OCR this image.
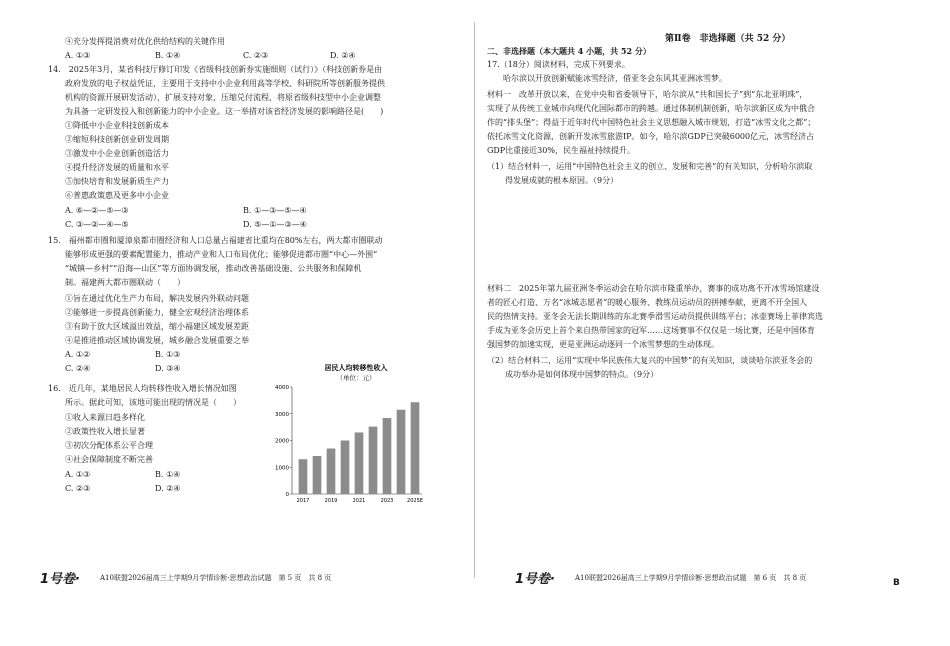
④充分发挥提消费对优化供给结构的关键作用
A. ①③	B. ①④	C. ②③	D. ②④
14.　2025年3月，某省科技厅修订印发《省级科技创新券实施细则（试行）》（科技创新券是由
政府发放的电子权益凭证，主要用于支持中小企业利用高等学校、科研院所等创新服务提供
机构的资源开展研发活动），扩展支持对象，压缩兑付流程，将原省级科技型中小企业调整
为具备一定研发投入和创新能力的中小企业。这一举措对该省经济发展的影响路径是(　　)
①降低中小企业科技创新成本
②缩短科技创新创业研发周期
③激发中小企业创新创造活力
④提升经济发展的质量和水平
⑤加快培育和发展新质生产力
⑥普惠政策惠及更多中小企业
A. ⑥—②—⑤—③	B. ①—③—⑤—④
C. ③—②—④—⑤	D. ⑤—①—③—④
15.　福州都市圈和厦漳泉都市圈经济和人口总量占福建省比重均在80%左右，两大都市圈联动
能够形成更强的要素配置能力，推动产业和人口布局优化；能够促进都市圈“中心—外围”
“城镇—乡村”“沿海—山区”等方面协调发展，推动改善基础设施、公共服务和保障机
制。福建两大都市圈联动（　　）
①旨在通过优化生产力布局，解决发展内外联动问题
②能够进一步提高创新能力，健全宏观经济治理体系
③有助于放大区域溢出效益，缩小福建区域发展差距
④是推进推动区域协调发展，城乡融合发展重要之举
A. ①②	B. ①③
C. ②④	D. ③④
16.　近几年，某地居民人均转移性收入增长情况如图
所示。据此可知，该地可能出现的情况是（　　）
①收入来源日趋多样化
②政策性收入增长显著
③初次分配体系公平合理
④社会保障制度不断完善
A. ①③	B. ①④
C. ②③	D. ②④
居民人均转移性收入
（单位：元）
2017	2019	2021	2023	2025E
0
1000
2000
3000
4000
1号卷·	A10联盟2026届高三上学期9月学情诊断·思想政治试题　第 5 页　共 8 页
第Ⅱ卷　非选择题（共 52 分）
二、非选择题（本大题共 4 小题，共 52 分）
17.（18分）阅读材料，完成下列要求。
哈尔滨以开放创新赋能冰雪经济，借亚冬会东风其亚洲冰雪梦。
材料一　改革开放以来，在党中央和省委领导下，哈尔滨从“共和国长子”到“东北亚明珠”，
实现了从传统工业城市向现代化国际都市的跨越。通过体制机制创新，哈尔滨新区成为中俄合
作的“排头堡”；得益于近年时代中国特色社会主义思想融入城市规划，打造“冰雪文化之都”；
依托冰雪文化资源，创新开发冰雪旅游IP。如今，哈尔滨GDP已突破6000亿元，冰雪经济占
GDP比重接近30%，民生福祉持续提升。
（1）结合材料一，运用“中国特色社会主义的创立、发展和完善”的有关知识，分析哈尔滨取
得发展成就的根本原因。（9分）
材料二　2025年第九届亚洲冬季运动会在哈尔滨市隆重举办，赛事的成功离不开冰雪场馆建设
者的匠心打造、万名“冰城志愿者”的暖心服务、教练员运动员的拼搏奉献，更离不开全国人
民的热情支持。亚冬会无法长期训练的东北赛季滑雪运动员提供训练平台；冰壶赛场上菲律宾选
手成为亚冬会历史上首个来自热带国家的冠军……这场赛事不仅仅是一场比赛，还是中国体育
强国梦的加速实现，更是亚洲运动逐同一个冰雪梦想的生动体现。
（2）结合材料二，运用“实现中华民族伟大复兴的中国梦”的有关知识，谈谈哈尔滨亚冬会的
成功举办是如何体现中国梦的特点。（9分）
1号卷·	A10联盟2026届高三上学期9月学情诊断·思想政治试题　第 6 页　共 8 页	B
